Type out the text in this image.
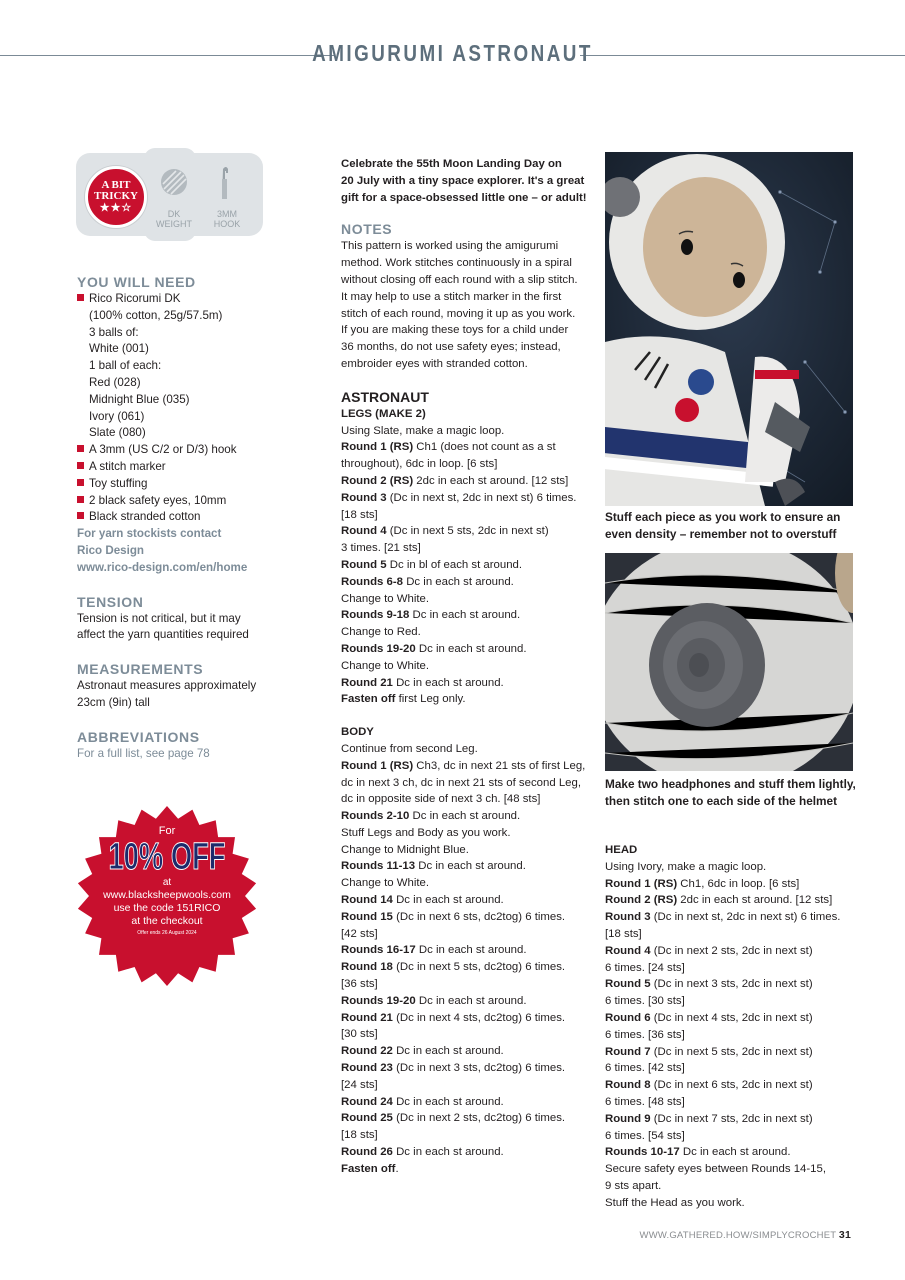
AMIGURUMI ASTRONAUT
A BIT
TRICKY
★★☆	DK
WEIGHT
3MM
HOOK
YOU WILL NEED

Rico Ricorumi DK

(100% cotton, 25g/57.5m)

3 balls of:

White (001)

1 ball of each:

Red (028)

Midnight Blue (035)

Ivory (061)

Slate (080)

A 3mm (US C/2 or D/3) hook

A stitch marker

Toy stuffing

2 black safety eyes, 10mm

Black stranded cotton

For yarn stockists contact

Rico Design

www.rico-design.com/en/home

TENSION

Tension is not critical, but it may

affect the yarn quantities required

MEASUREMENTS

Astronaut measures approximately

23cm (9in) tall

ABBREVIATIONS

For a full list, see page 78

For
10% OFF
at
www.blacksheepwools.com
use the code 151RICO
at the checkout
Offer ends 26 August 2024

Celebrate the 55th Moon Landing Day on

20 July with a tiny space explorer. It's a great

gift for a space-obsessed little one – or adult!

NOTES

This pattern is worked using the amigurumi

method. Work stitches continuously in a spiral

without closing off each round with a slip stitch.

It may help to use a stitch marker in the first

stitch of each round, moving it up as you work.

If you are making these toys for a child under

36 months, do not use safety eyes; instead,

embroider eyes with stranded cotton.

ASTRONAUT
LEGS (MAKE 2)

Using Slate, make a magic loop.

Round 1 (RS) Ch1 (does not count as a st

throughout), 6dc in loop. [6 sts]

Round 2 (RS) 2dc in each st around. [12 sts]

Round 3 (Dc in next st, 2dc in next st) 6 times.

[18 sts]

Round 4 (Dc in next 5 sts, 2dc in next st)

3 times. [21 sts]

Round 5 Dc in bl of each st around.

Rounds 6-8 Dc in each st around.

Change to White.

Rounds 9-18 Dc in each st around.

Change to Red.

Rounds 19-20 Dc in each st around.

Change to White.

Round 21 Dc in each st around.

Fasten off first Leg only.

BODY

Continue from second Leg.

Round 1 (RS) Ch3, dc in next 21 sts of first Leg,

dc in next 3 ch, dc in next 21 sts of second Leg,

dc in opposite side of next 3 ch. [48 sts]

Rounds 2-10 Dc in each st around.

Stuff Legs and Body as you work.

Change to Midnight Blue.

Rounds 11-13 Dc in each st around.

Change to White.

Round 14 Dc in each st around.

Round 15 (Dc in next 6 sts, dc2tog) 6 times.

[42 sts]

Rounds 16-17 Dc in each st around.

Round 18 (Dc in next 5 sts, dc2tog) 6 times.

[36 sts]

Rounds 19-20 Dc in each st around.

Round 21 (Dc in next 4 sts, dc2tog) 6 times.

[30 sts]

Round 22 Dc in each st around.

Round 23 (Dc in next 3 sts, dc2tog) 6 times.

[24 sts]

Round 24 Dc in each st around.

Round 25 (Dc in next 2 sts, dc2tog) 6 times.

[18 sts]

Round 26 Dc in each st around.

Fasten off.

Stuff each piece as you work to ensure an

even density – remember not to overstuff

Make two headphones and stuff them lightly,

then stitch one to each side of the helmet

HEAD

Using Ivory, make a magic loop.

Round 1 (RS) Ch1, 6dc in loop. [6 sts]

Round 2 (RS) 2dc in each st around. [12 sts]

Round 3 (Dc in next st, 2dc in next st) 6 times.

[18 sts]

Round 4 (Dc in next 2 sts, 2dc in next st)

6 times. [24 sts]

Round 5 (Dc in next 3 sts, 2dc in next st)

6 times. [30 sts]

Round 6 (Dc in next 4 sts, 2dc in next st)

6 times. [36 sts]

Round 7 (Dc in next 5 sts, 2dc in next st)

6 times. [42 sts]

Round 8 (Dc in next 6 sts, 2dc in next st)

6 times. [48 sts]

Round 9 (Dc in next 7 sts, 2dc in next st)

6 times. [54 sts]

Rounds 10-17 Dc in each st around.

Secure safety eyes between Rounds 14-15,

9 sts apart.

Stuff the Head as you work.

WWW.GATHERED.HOW/SIMPLYCROCHET 31
